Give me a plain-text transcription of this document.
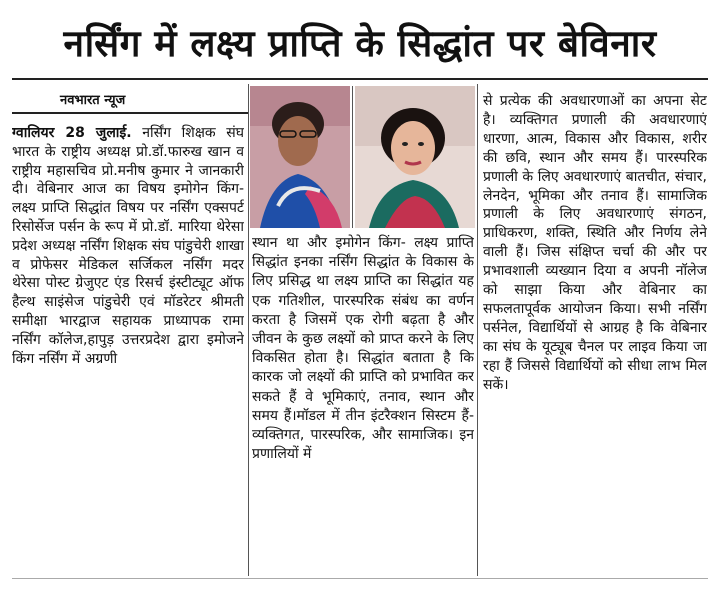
नर्सिंग में लक्ष्य प्राप्ति के सिद्धांत पर बेविनार
नवभारत न्यूज

ग्वालियर 28 जुलाई. नर्सिंग शिक्षक संघ भारत के राष्ट्रीय अध्यक्ष प्रो.डॉ.फारुख खान व राष्ट्रीय महासचिव प्रो.मनीष कुमार ने जानकारी दी। वेबिनार आज का विषय इमोगेन किंग- लक्ष्य प्राप्ति सिद्धांत विषय पर नर्सिंग एक्सपर्ट रिसोर्सेज पर्सन के रूप में प्रो.डॉ. मारिया थेरेसा प्रदेश अध्यक्ष नर्सिंग शिक्षक संघ पांडुचेरी शाखा व प्रोफेसर मेडिकल सर्जिकल नर्सिंग मदर थेरेसा पोस्ट ग्रेजुएट एंड रिसर्च इंस्टीट्यूट ऑफ हैल्थ साइंसेज पांडुचेरी एवं मॉडरेटर श्रीमती समीक्षा भारद्वाज सहायक प्राध्यापक रामा नर्सिंग कॉलेज,हापुड़ उत्तरप्रदेश द्वारा इमोजने किंग नर्सिंग में अग्रणी

स्थान था और इमोगेन किंग- लक्ष्य प्राप्ति सिद्धांत इनका नर्सिंग सिद्धांत के विकास के लिए प्रसिद्ध था लक्ष्य प्राप्ति का सिद्धांत यह एक गतिशील, पारस्परिक संबंध का वर्णन करता है जिसमें एक रोगी बढ़ता है और जीवन के कुछ लक्ष्यों को प्राप्त करने के लिए विकसित होता है। सिद्धांत बताता है कि कारक जो लक्ष्यों की प्राप्ति को प्रभावित कर सकते हैं वे भूमिकाएं, तनाव, स्थान और समय हैं।मॉडल में तीन इंटरैक्शन सिस्टम हैं- व्यक्तिगत, पारस्परिक, और सामाजिक। इन प्रणालियों में

से प्रत्येक की अवधारणाओं का अपना सेट है। व्यक्तिगत प्रणाली की अवधारणाएं धारणा, आत्म, विकास और विकास, शरीर की छवि, स्थान और समय हैं। पारस्परिक प्रणाली के लिए अवधारणाएं बातचीत, संचार, लेनदेन, भूमिका और तनाव हैं। सामाजिक प्रणाली के लिए अवधारणाएं संगठन, प्राधिकरण, शक्ति, स्थिति और निर्णय लेने वाली हैं। जिस संक्षिप्त चर्चा की और पर प्रभावशाली व्यख्यान दिया व अपनी नॉलेज को साझा किया और वेबिनार का सफलतापूर्वक आयोजन किया। सभी नर्सिंग पर्सनेल, विद्यार्थियों से आग्रह है कि वेबिनार का संघ के यूट्यूब चैनल पर लाइव किया जा रहा हैं जिससे विद्यार्थियों को सीधा लाभ मिल सकें।
